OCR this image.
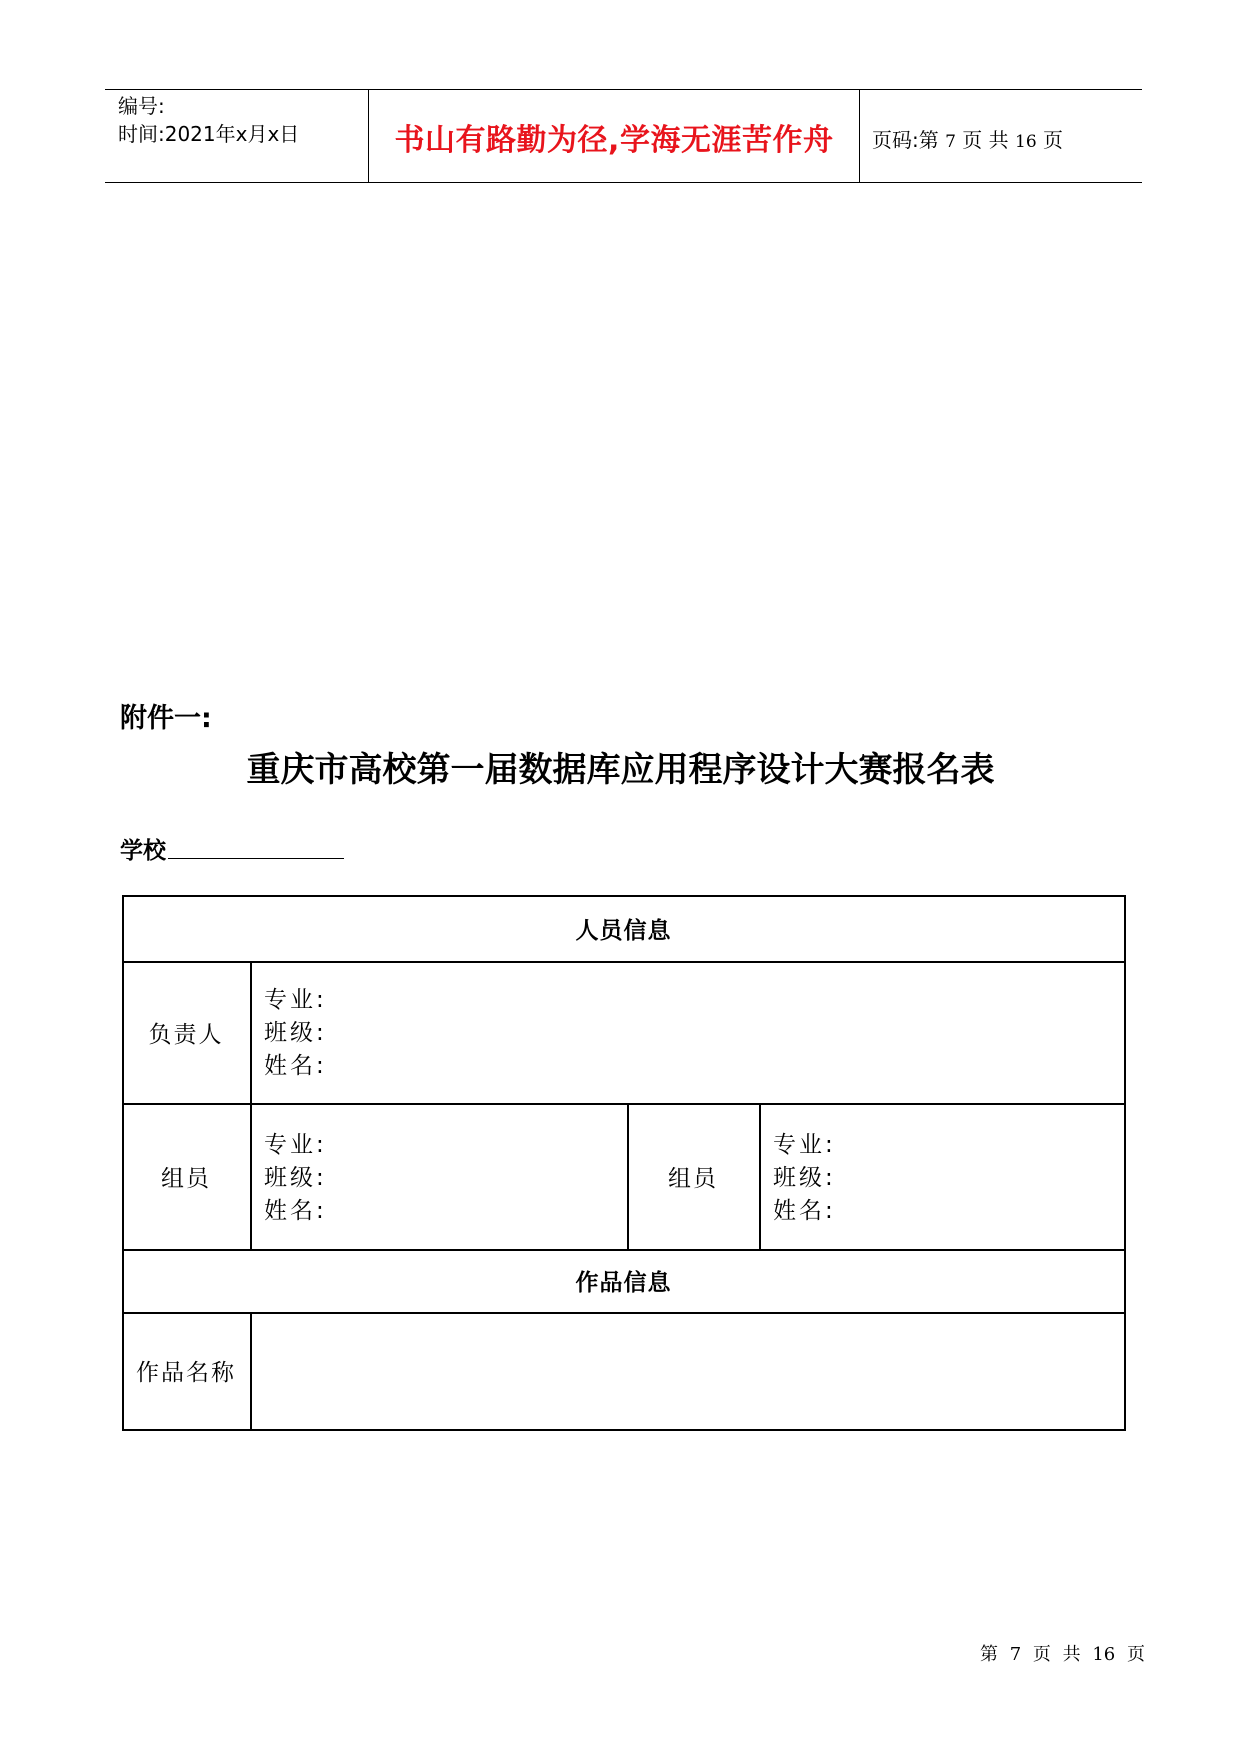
编号:
时间:2021年x月x日	书山有路勤为径,学海无涯苦作舟	页码:第 7 页 共 16 页
附件一:
重庆市高校第一届数据库应用程序设计大赛报名表
学校
人员信息
负责人
专业:
班级:
姓名:
组员
专业:
班级:
姓名:
组员
专业:
班级:
姓名:
作品信息
作品名称
第 7 页 共 16 页
